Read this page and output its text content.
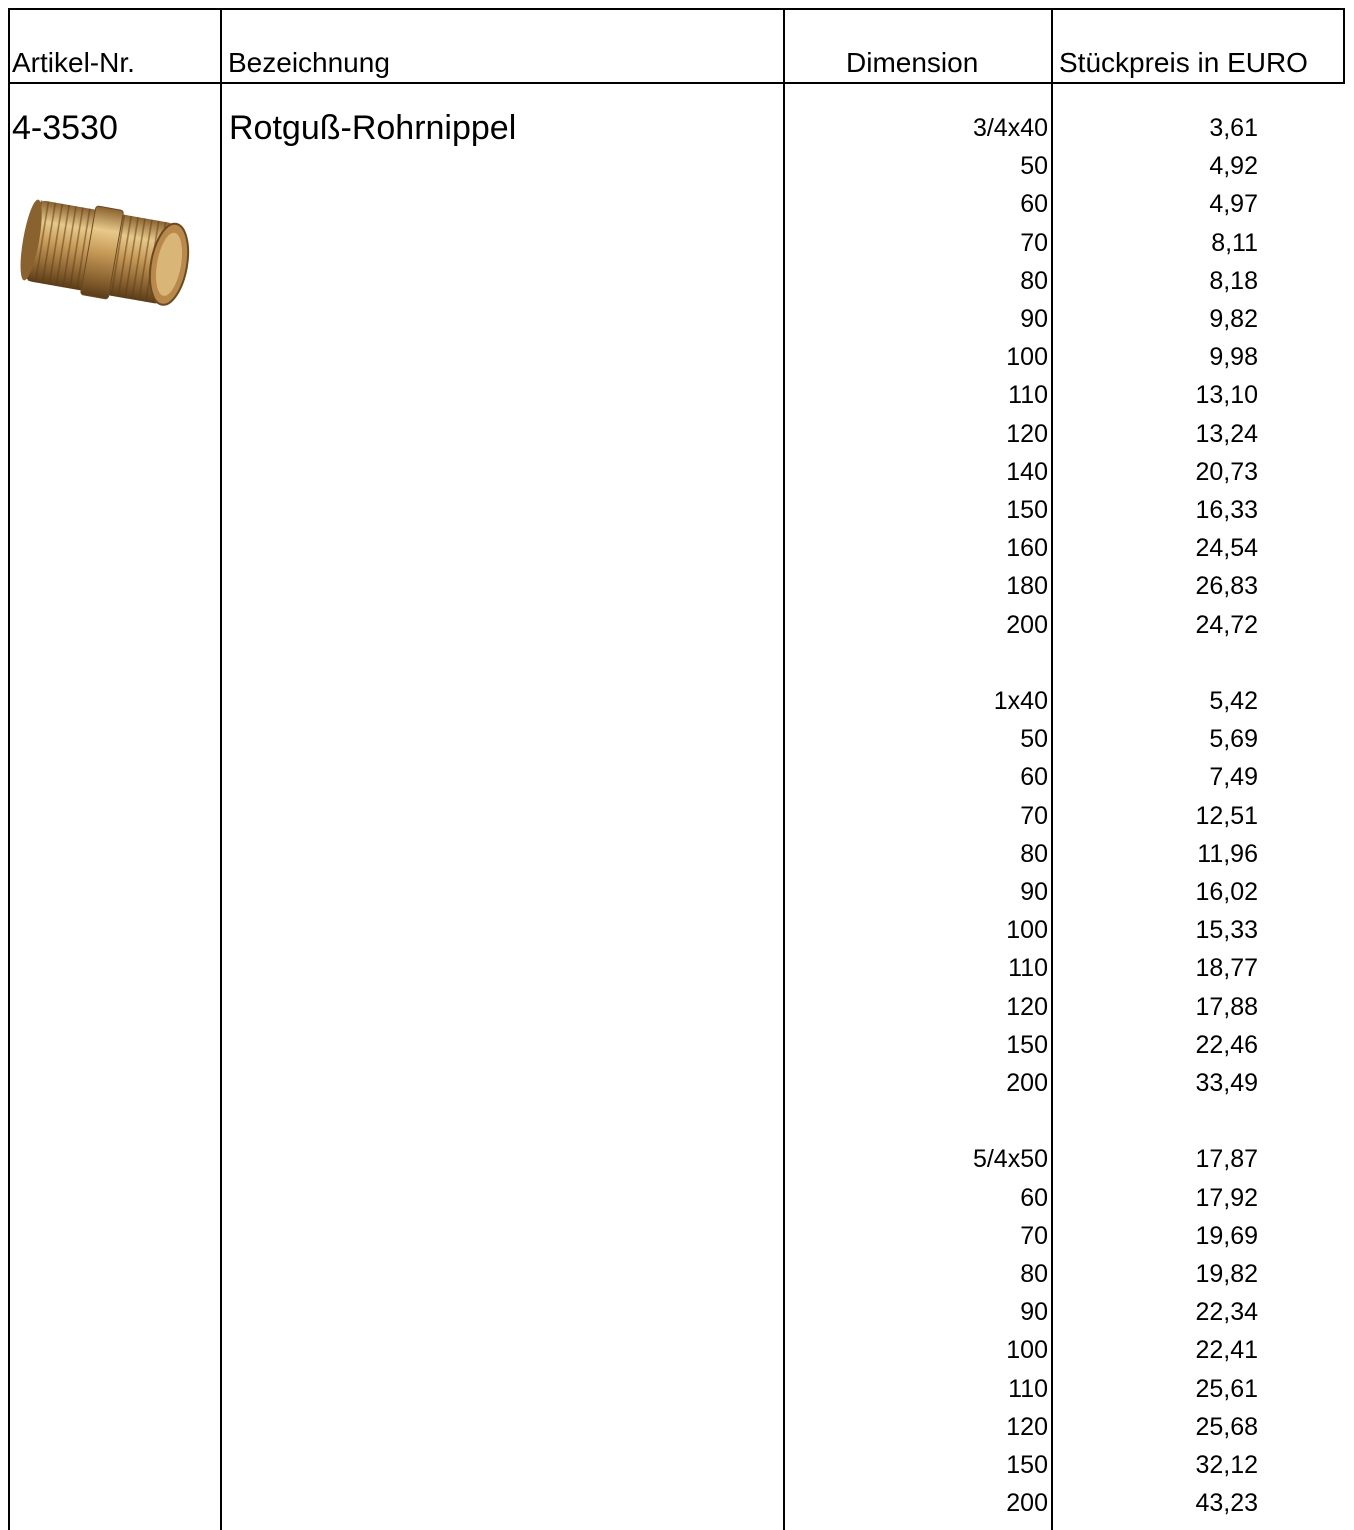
Artikel-Nr.	Bezeichnung	Dimension	Stückpreis in EURO
4-3530	Rotguß-Rohrnippel	3/4x40	3,61
50	4,92
60	4,97
70	8,11
80	8,18
90	9,82
100	9,98
110	13,10
120	13,24
140	20,73
150	16,33
160	24,54
180	26,83
200	24,72
1x40	5,42
50	5,69
60	7,49
70	12,51
80	11,96
90	16,02
100	15,33
110	18,77
120	17,88
150	22,46
200	33,49
5/4x50	17,87
60	17,92
70	19,69
80	19,82
90	22,34
100	22,41
110	25,61
120	25,68
150	32,12
200	43,23
